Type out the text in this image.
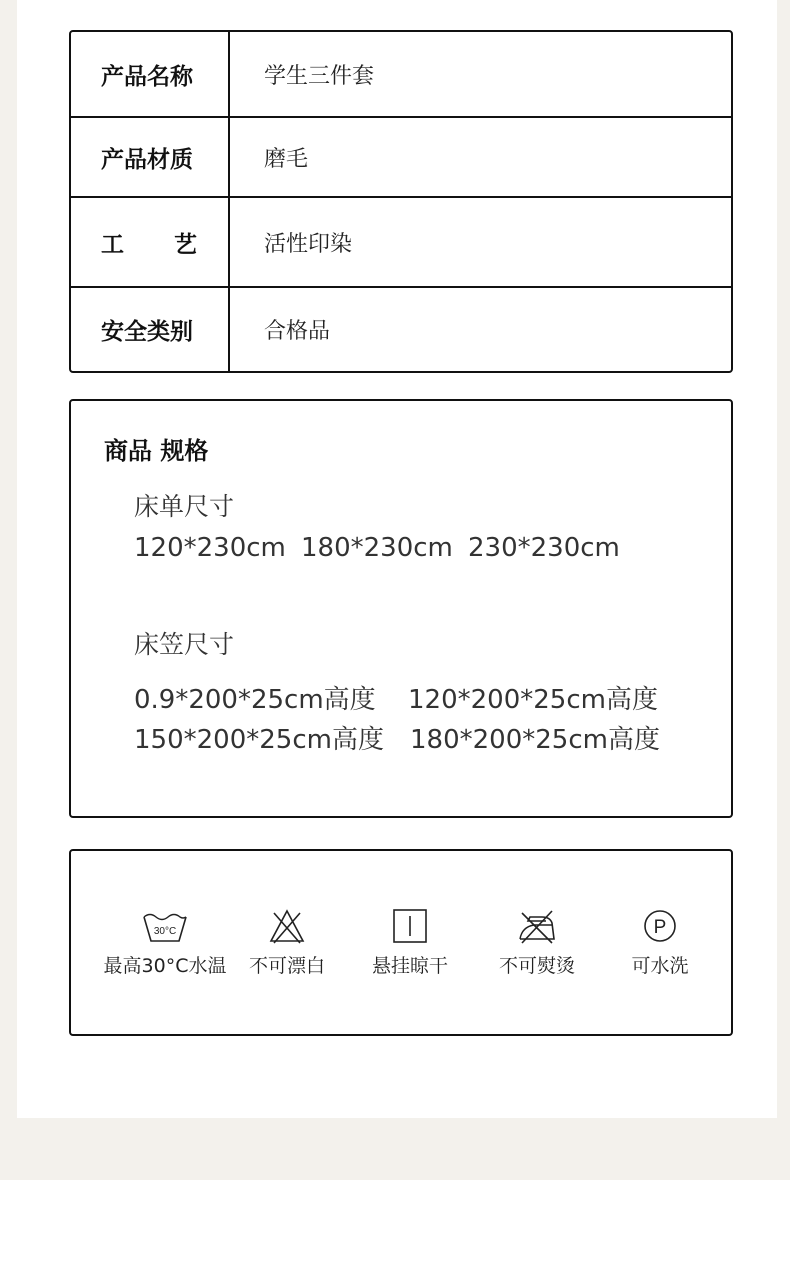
产品名称	学生三件套
产品材质	磨毛
工 艺	活性印染
安全类别	合格品
商品 规格
床单尺寸
120*230cm 180*230cm 230*230cm
床笠尺寸
0.9*200*25cm高度 120*200*25cm高度
150*200*25cm高度 180*200*25cm高度
30°C
最高30°C水温	不可漂白	悬挂晾干	不可熨烫
P
可水洗
